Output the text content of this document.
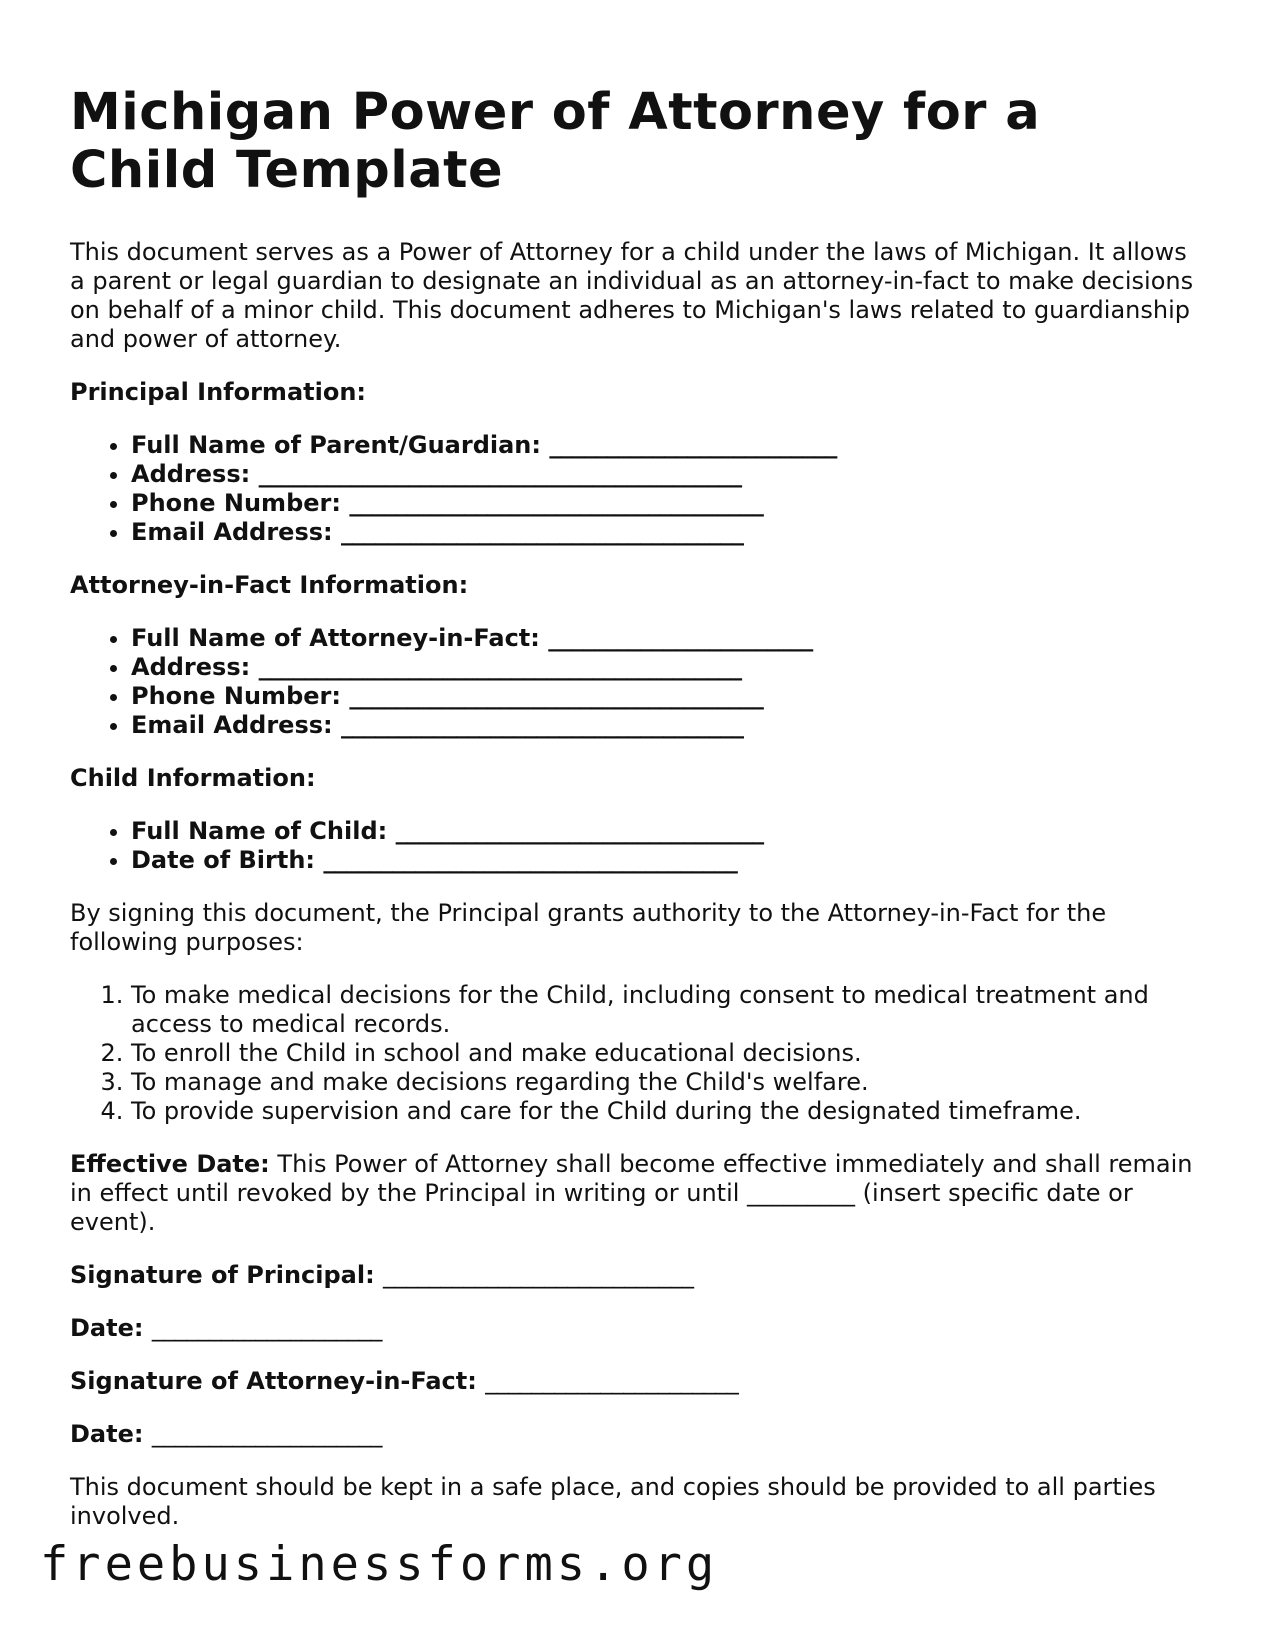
Michigan Power of Attorney for a Child Template

This document serves as a Power of Attorney for a child under the laws of Michigan. It allows a parent or legal guardian to designate an individual as an attorney-in-fact to make decisions on behalf of a minor child. This document adheres to Michigan's laws related to guardianship and power of attorney.

Principal Information:

• Full Name of Parent/Guardian: _________________________
• Address: __________________________________________
• Phone Number: ____________________________________
• Email Address: ___________________________________

Attorney-in-Fact Information:

• Full Name of Attorney-in-Fact: _______________________
• Address: __________________________________________
• Phone Number: ____________________________________
• Email Address: ___________________________________

Child Information:

• Full Name of Child: ________________________________
• Date of Birth: ____________________________________

By signing this document, the Principal grants authority to the Attorney-in-Fact for the following purposes:

1. To make medical decisions for the Child, including consent to medical treatment and access to medical records.
2. To enroll the Child in school and make educational decisions.
3. To manage and make decisions regarding the Child's welfare.
4. To provide supervision and care for the Child during the designated timeframe.

Effective Date: This Power of Attorney shall become effective immediately and shall remain in effect until revoked by the Principal in writing or until _________ (insert specific date or event).

Signature of Principal: ___________________________

Date: ____________________

Signature of Attorney-in-Fact: ______________________

Date: ____________________

This document should be kept in a safe place, and copies should be provided to all parties involved.

freebusinessforms.org
